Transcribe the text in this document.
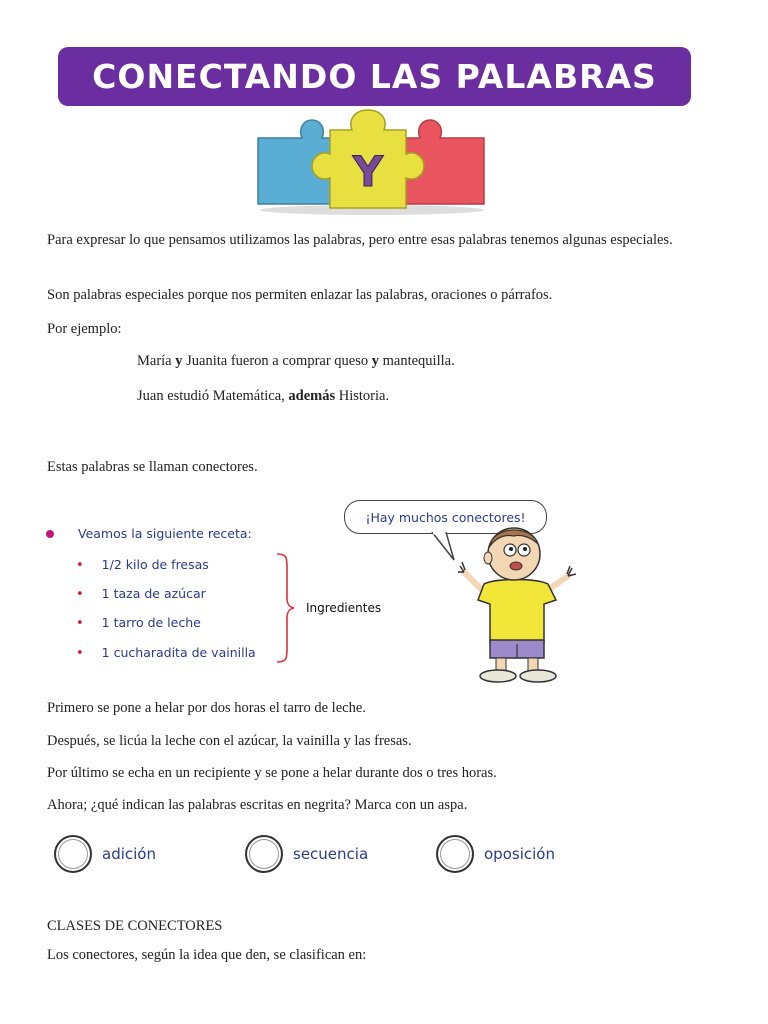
CONECTANDO LAS PALABRAS
Y

Para expresar lo que pensamos utilizamos las palabras, pero entre esas palabras tenemos algunas especiales.

Son palabras especiales porque nos permiten enlazar las palabras, oraciones o párrafos.

Por ejemplo:

María y Juanita fueron a comprar queso y mantequilla.

Juan estudió Matemática, además Historia.

Estas palabras se llaman conectores.

Veamos la siguiente receta:
• 1/2 kilo de fresas
• 1 taza de azúcar
• 1 tarro de leche
• 1 cucharadita de vainilla
Ingredientes
¡Hay muchos conectores!

Primero se pone a helar por dos horas el tarro de leche.

Después, se licúa la leche con el azúcar, la vainilla y las fresas.

Por último se echa en un recipiente y se pone a helar durante dos o tres horas.

Ahora; ¿qué indican las palabras escritas en negrita? Marca con un aspa.

adición	secuencia	oposición

CLASES DE CONECTORES

Los conectores, según la idea que den, se clasifican en:
